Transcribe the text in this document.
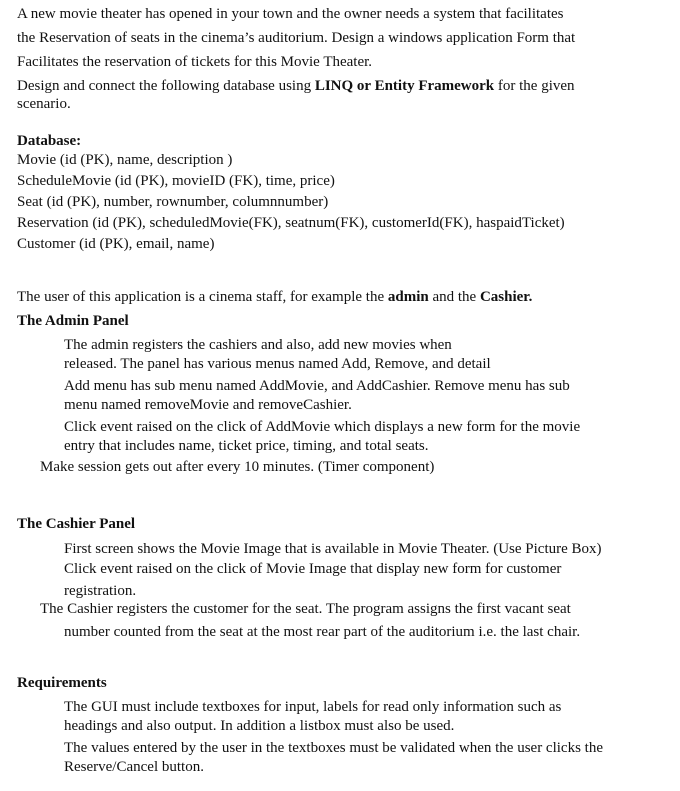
A new movie theater has opened in your town and the owner needs a system that facilitates
the Reservation of seats in the cinema’s auditorium. Design a windows application Form that
Facilitates the reservation of tickets for this Movie Theater.
Design and connect the following database using LINQ or Entity Framework for the given
scenario.
Database:
Movie (id (PK), name, description )
ScheduleMovie (id (PK), movieID (FK), time, price)
Seat (id (PK), number, rownumber, columnnumber)
Reservation (id (PK), scheduledMovie(FK), seatnum(FK), customerId(FK), haspaidTicket)
Customer (id (PK), email, name)
The user of this application is a cinema staff, for example the admin and the Cashier.
The Admin Panel
The admin registers the cashiers and also, add new movies when
released. The panel has various menus named Add, Remove, and detail
Add menu has sub menu named AddMovie, and AddCashier. Remove menu has sub
menu named removeMovie and removeCashier.
Click event raised on the click of AddMovie which displays a new form for the movie
entry that includes name, ticket price, timing, and total seats.
Make session gets out after every 10 minutes. (Timer component)
The Cashier Panel
First screen shows the Movie Image that is available in Movie Theater. (Use Picture Box)
Click event raised on the click of Movie Image that display new form for customer
registration.
The Cashier registers the customer for the seat. The program assigns the first vacant seat
number counted from the seat at the most rear part of the auditorium i.e. the last chair.
Requirements
The GUI must include textboxes for input, labels for read only information such as
headings and also output. In addition a listbox must also be used.
The values entered by the user in the textboxes must be validated when the user clicks the
Reserve/Cancel button.
